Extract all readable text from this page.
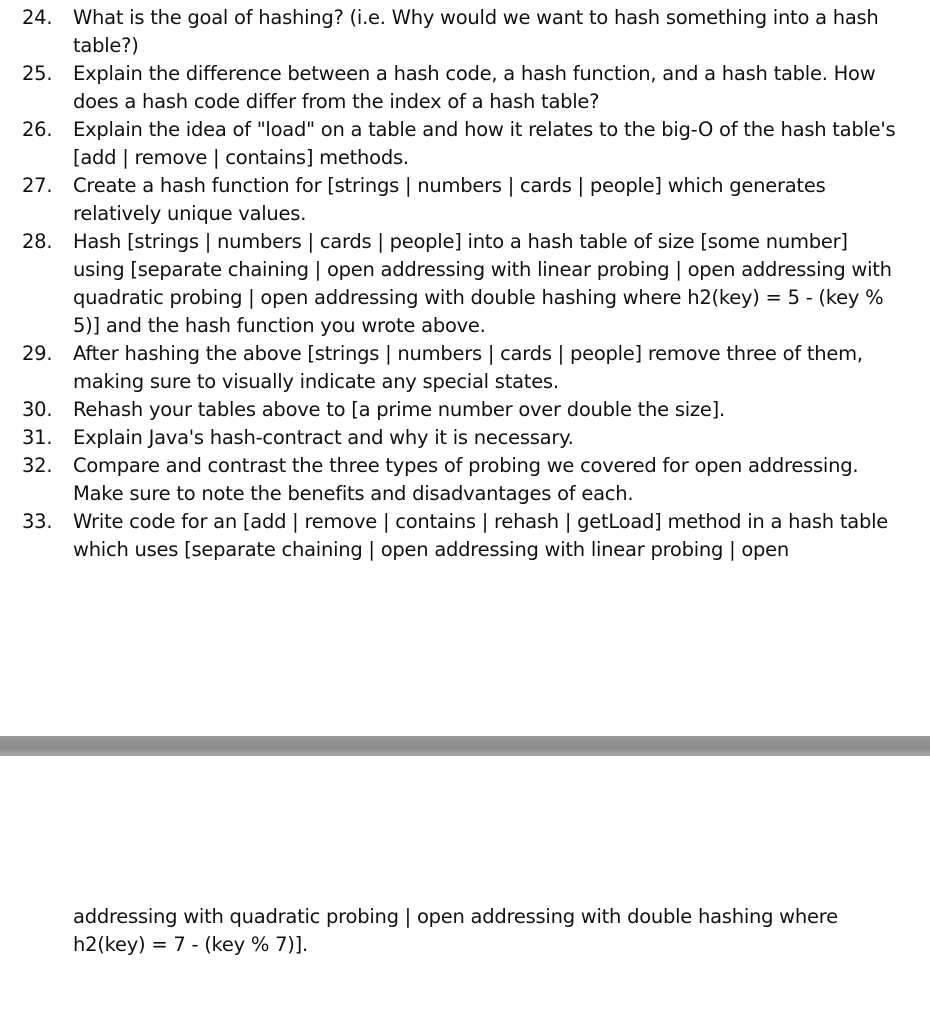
24. What is the goal of hashing? (i.e. Why would we want to hash something into a hash table?)
25. Explain the difference between a hash code, a hash function, and a hash table. How does a hash code differ from the index of a hash table?
26. Explain the idea of "load" on a table and how it relates to the big-O of the hash table's [add | remove | contains] methods.
27. Create a hash function for [strings | numbers | cards | people] which generates relatively unique values.
28. Hash [strings | numbers | cards | people] into a hash table of size [some number] using [separate chaining | open addressing with linear probing | open addressing with quadratic probing | open addressing with double hashing where h2(key) = 5 - (key % 5)] and the hash function you wrote above.
29. After hashing the above [strings | numbers | cards | people] remove three of them, making sure to visually indicate any special states.
30. Rehash your tables above to [a prime number over double the size].
31. Explain Java's hash-contract and why it is necessary.
32. Compare and contrast the three types of probing we covered for open addressing. Make sure to note the benefits and disadvantages of each.
33. Write code for an [add | remove | contains | rehash | getLoad] method in a hash table which uses [separate chaining | open addressing with linear probing | open

addressing with quadratic probing | open addressing with double hashing where h2(key) = 7 - (key % 7)].
